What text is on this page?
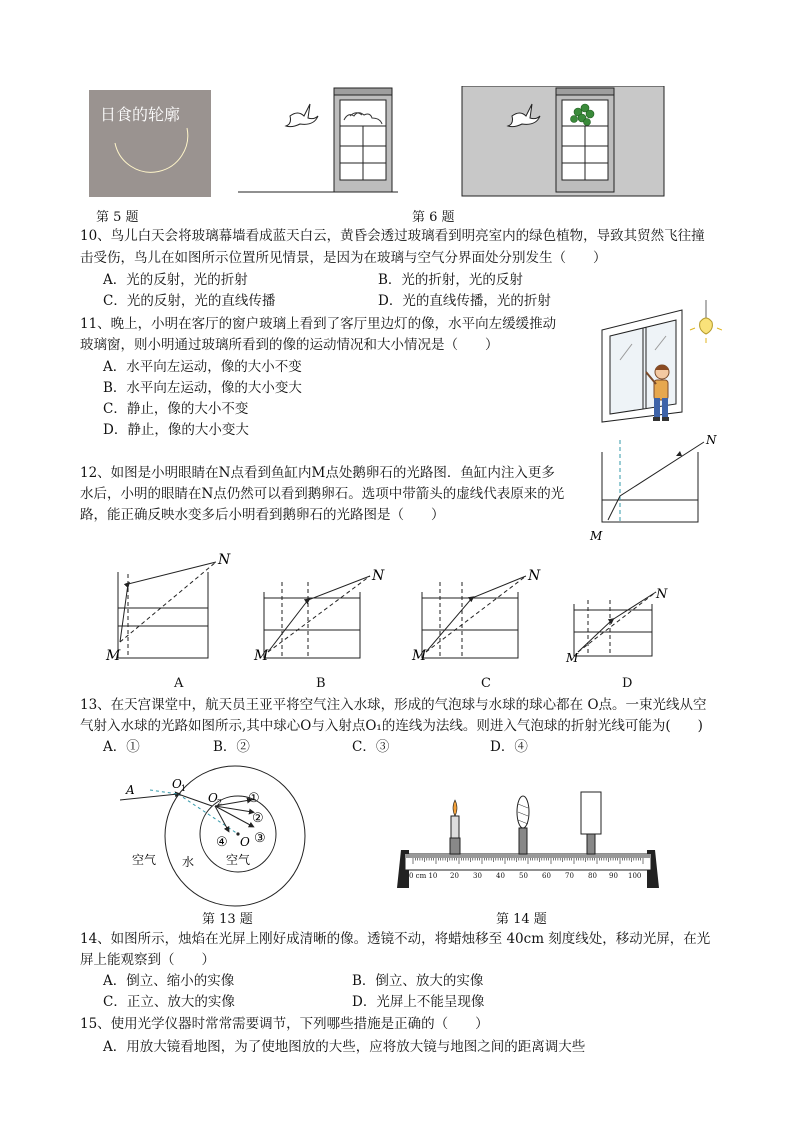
日食的轮廓
第 5 题	第 6 题
10、鸟儿白天会将玻璃幕墙看成蓝天白云，黄昏会透过玻璃看到明亮室内的绿色植物，导致其贸然飞往撞
击受伤，鸟儿在如图所示位置所见情景，是因为在玻璃与空气分界面处分别发生（　　）
A．光的反射，光的折射	B．光的折射，光的反射
C．光的反射，光的直线传播	D．光的直线传播，光的折射
11、晚上，小明在客厅的窗户玻璃上看到了客厅里边灯的像，水平向左缓缓推动
玻璃窗，则小明通过玻璃所看到的像的运动情况和大小情况是（　　）
A．水平向左运动，像的大小不变
B．水平向左运动，像的大小变大
C．静止，像的大小不变
D．静止，像的大小变大
12、如图是小明眼睛在N点看到鱼缸内M点处鹅卵石的光路图．鱼缸内注入更多
水后，小明的眼睛在N点仍然可以看到鹅卵石。选项中带箭头的虚线代表原来的光
路，能正确反映水变多后小明看到鹅卵石的光路图是（　　）
N
M
N
M
N
M
N
M
N
M
A	B	C	D
13、在天宫课堂中，航天员王亚平将空气注入水球，形成的气泡球与水球的球心都在 O点。一束光线从空
气射入水球的光路如图所示,其中球心O与入射点O₁的连线为法线。则进入气泡球的折射光线可能为(　　)
A．①	B．②	C．③	D．④
A	O 1
O 2
O
①
②
③
④
空气 水	空气
第 13 题
0 cm 10 20 30 40 50 60 70 80 90 100
第 14 题
14、如图所示，烛焰在光屏上刚好成清晰的像。透镜不动，将蜡烛移至 40cm 刻度线处，移动光屏，在光
屏上能观察到（　　）
A．倒立、缩小的实像	B．倒立、放大的实像
C．正立、放大的实像	D．光屏上不能呈现像
15、使用光学仪器时常常需要调节，下列哪些措施是正确的（　　）
A．用放大镜看地图，为了使地图放的大些，应将放大镜与地图之间的距离调大些
